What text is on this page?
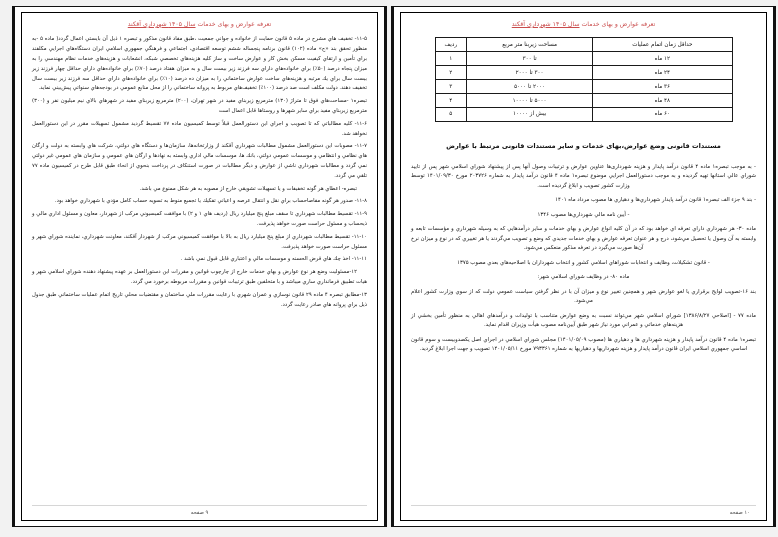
تعرفه عوارض و بهای خدمات سال ۱۴۰۵ شهرداری آقکند
حداقل زمان اتمام عملیات	مساحت زیربنا متر مربع	ردیف
۱۲ ماه	تا ۳۰۰	۱
۲۴ ماه	۳۰۰ تا ۲۰۰۰	۲
۳۶ ماه	۲۰۰۰ تا ۵۰۰۰	۳
۴۸ ماه	۵۰۰۰ تا ۱۰۰۰۰	۴
۶۰ ماه	بیش از ۱۰۰۰۰	۵
مستندات قانونی وضع عوارض،بهای خدمات و سایر مستندات قانونی مرتبط با عوارض

- به موجب تبصره۱ ماده ۴ قانون درآمد پایدار و هزینه شهرداری‌ها عناوین عوارض و ترتیبات وصول آنها پس از پیشنهاد شوراي اسلامي شهر پس از تاييد شوراي عالي استانها تهيه گرديده و به موجب دستورالعمل اجرايي موضوع تبصره۱ ماده ۴ قانون درآمد پايدار به شماره ۲۰۳۷۲۶ مورخ ۱۴۰۱/۰۹/۳۰ توسط وزارت كشور تصويب و ابلاغ گرديده است.

- بند ۹ جزء الف تبصره۱ قانون درآمد پايدار شهرداري‌ها و دهياري ها مصوب مرداد ماه ۱۴۰۱

- آيين نامه مالي شهرداري‌ها مصوب ۱۳۴۶

ماده ۳۰- هر شهرداري داراي تعرفه اي خواهد بود كه در آن كليه انواع عوارض و بهاي خدمات و ساير درآمدهايي كه به وسيله شهرداري و مؤسسات تابعه و وابسته به آن وصول يا تحصيل مي‌شود، درج و هر عنوان تعرفه عوارض و بهاي خدمات جديدي كه وضع و تصويب مي‌گردند يا هر تغييري كه در نوع و ميزان نرخ آن‌ها صورت مي‌گيرد در تعرفه مذكور منعكس مي‌شود.

- قانون تشكيلات، وظايف و انتخابات شوراهاي اسلامي كشور و انتخاب شهرداران با اصلاحيه‌هاي بعدي مصوب ۱۳۷۵

ماده ۸۰- در وظايف شوراي اسلامي شهر:

بند ۱۶-تصويب لوايح برقراري يا لغو عوارض شهر و همچنين تغيير نوع و ميزان آن با در نظر گرفتن سياست عمومي دولت كه از سوي وزارت كشور اعلام مي‌شود.

ماده ۷۷ - [اصلاحي ۱۳۸۶/۸/۲۷] شوراي اسلامي شهر مي‌تواند نسبت به وضع عوارض متناسب با توليدات و درآمدهاي اهالي به منظور تأمين بخشي از هزينه‌هاي خدماتي و عمراني مورد نياز شهر طبق آيين‌نامه مصوب هيأت وزيران اقدام نمايد.

تبصره۱ ماده ۴ قانون درآمد پايدار و هزينه شهرداري ها و دهياري ها (مصوب ۱۴۰۱/۰۵/۰۹) مجلس شوراي اسلامي در اجراي اصل يكصدوبيست و سوم قانون اساسي جمهوري اسلامي ايران قانون درآمد پايدار و هزينه شهرداريها و دهياريها به شماره ۷۹۳۳۶۱ مورخ ۱۴۰۱/۰۵/۱۱ تصويب و جهت اجرا ابلاغ گرديد.

۱۰ صفحه
تعرفه عوارض و بهای خدمات سال ۱۴۰۵ شهرداری آقکند

۱۱-۵- تخفيف هاي مشرح در ماده ۵ قانون حمايت از خانواده و جواني جمعيت ،‌طبق مفاد قانون مذكور و تبصره ۱ ذيل آن بايستي اعمال گردد( ماده ۵ -به منظور تحقق بند «ج» ماده (۱۰۲) قانون برنامه پنجساله ششم توسعه اقتصادي، اجتماعي و فرهنگي جمهوري اسلامي ايران دستگاه‌هاي اجرايي مكلفند براي تأمين و ارتقاي كيفيت مسكن بخش كار و عوارض ساخت و ساز كليه هزينه‌هاي تخصصي شبكه، انشعابات و هزينه‌هاي خدمات نظام مهندسي را به ميزان پنجاه درصد (۵۰٪) براي خانواده‌هاي داراي سه فرزند زير بيست سال و به ميزان هفتاد درصد (۷۰٪) براي خانواده‌هاي داراي حداقل چهار فرزند زير بيست سال براي يك مرتبه و هزينه‌هاي ساخت عوارض ساختماني را به ميزان ده درصد (۱۰٪) براي خانواده‌هاي داراي حداقل سه فرزند زير بيست سال تخفيف دهند. دولت مكلف است صد درصد (۱۰۰٪) تخفيف‌هاي مربوط به پروانه ساختماني را از محل منابع عمومي در بودجه‌هاي سنواتي پيش‌بيني نمايد.

تبصره۱ -مساحت‌هاي فوق تا متراژ (۱۳۰) مترمربع زيربناي مفيد در شهر تهران، (۲۰۰) مترمربع زيربناي مفيد در شهرهاي بالاي نيم ميليون نفر و (۳۰۰) مترمربع زيربناي مفيد براي ساير شهرها و روستاها قابل اعمال است

۱۱-۶- كليه مطالباتي كه تا تصويب و اجراي اين دستورالعمل قبلاً توسط كميسيون ماده ۷۷ تقسيط گرديد مشمول تسهيلات مقرر در اين دستورالعمل نخواهد شد.

۱۱-۷- مصوبات اين دستورالعمل مشمول مطالبات شهرداري آقکند از وزارتخانه‌ها، سازمان‌ها و دستگاه هاي دولتي، شركت هاي وابسته به دولت و ارگان هاي نظامي و انتظامي و موسسات عمومي دولتي، بانك ها، موسسات مالي اداري وابسته به نهادها و ارگان هاي عمومي و سازمان هاي عمومي غير دولتي نمي گردد و مطالبات شهرداري ناشي از عوارض و ديگر مطالبات در صورت استنكاف در پرداخت بنحوي از انحاء طبق قابل طرح در كميسيون ماده ۷۷ تلقي مي گردد.

تبصره- اعطاي هر گونه تخفيفات و يا تسهيلات تشويقي خارج از مصوبه به هر شكل ممنوع مي باشد.

۱۱-۸- صدور هر گونه مفاصاحساب براي نقل و انتقال عرصه و اعياني تفكيك يا تجميع منوط به تسويه حساب كامل مؤدي با شهرداري خواهد بود.

۱۱-۹- تقسيط مطالبات شهرداري تا سقف مبلغ پنج ميليارد ريال (رديف هاي ۱ و ۲) با موافقت كميسيوني مركب از شهردار، معاون و مسئول اداري مالي و ذيحساب و مسئول حراست صورت خواهد پذيرفت.

۱۱-۱۰- تقسيط مطالبات شهرداري از مبلغ پنج ميليارد ريال به بالا با موافقت كميسيوني مركب از شهردار آقکند، معاونت شهرداري، نماينده شوراي شهر و مسئول حراست صورت خواهد پذيرفت.

۱۱-۱۱- اخذ چك هاي قرض الحسنه و موسسات مالي و اعتباري قابل قبول نمي باشد .

۱۲-مسئوليت وضع هر نوع عوارض و بهاي خدمات خارج از چارچوب قوانين و مقررات اين دستورالعمل بر عهده پيشنهاد دهنده شوراي اسلامي شهر و هيات تطبيق فرمانداري ساري ميباشد و با متخلفين طبق ترتيبات قوانين و مقررات مربوطه برخورد مي گردد.

۱۳-مطابق تبصره ۴ ماده ۲۹ قانون نوسازي و عمران شهري با رعايت مقررات ملي ساختمان و مقتضيات محلي تاريخ اتمام عمليات ساختماني طبق جدول ذيل براي پروانه هاي صادر رعايت گردد.

۹ صفحه
